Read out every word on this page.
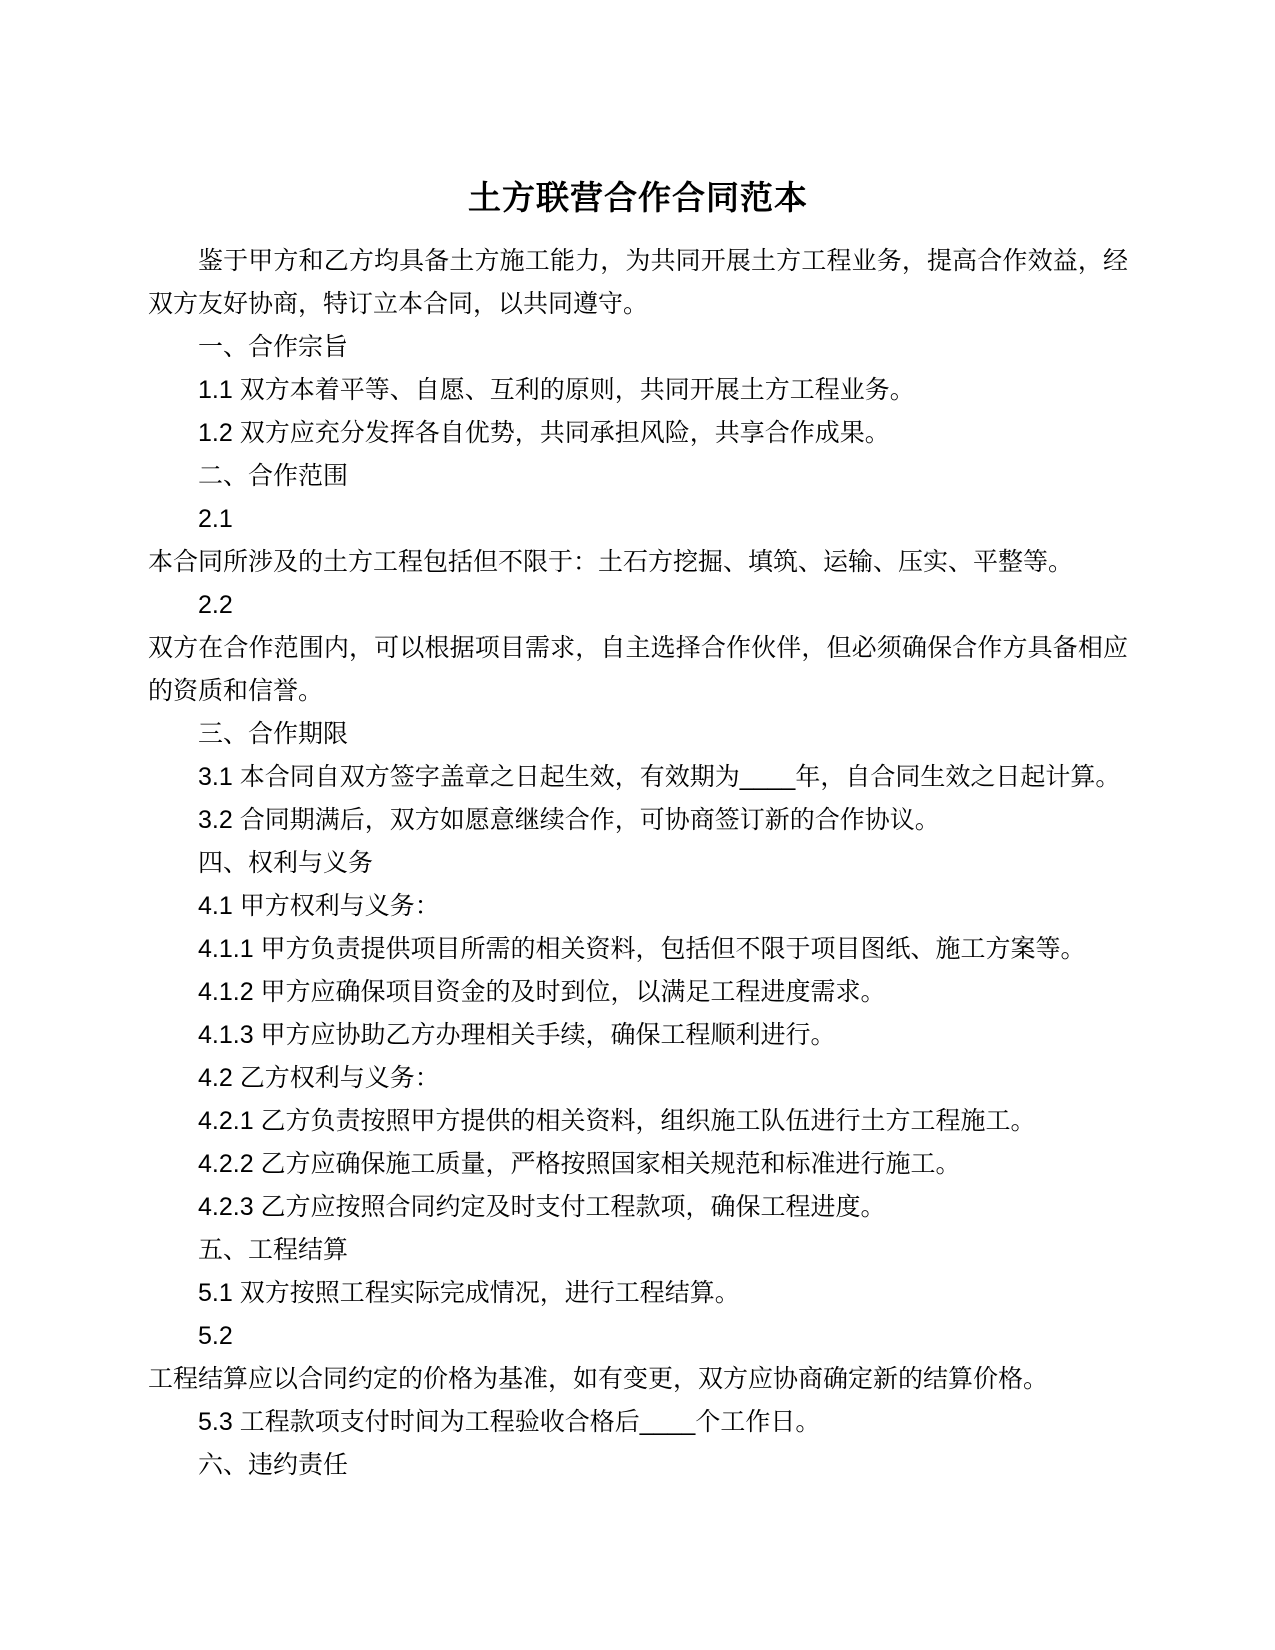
土方联营合作合同范本

鉴于甲方和乙方均具备土方施工能力，为共同开展土方工程业务，提高合作效益，经双方友好协商，特订立本合同，以共同遵守。

一、合作宗旨

1.1 双方本着平等、自愿、互利的原则，共同开展土方工程业务。

1.2 双方应充分发挥各自优势，共同承担风险，共享合作成果。

二、合作范围

2.1

本合同所涉及的土方工程包括但不限于：土石方挖掘、填筑、运输、压实、平整等。

2.2

双方在合作范围内，可以根据项目需求，自主选择合作伙伴，但必须确保合作方具备相应的资质和信誉。

三、合作期限

3.1 本合同自双方签字盖章之日起生效，有效期为____年，自合同生效之日起计算。

3.2 合同期满后，双方如愿意继续合作，可协商签订新的合作协议。

四、权利与义务

4.1 甲方权利与义务：

4.1.1 甲方负责提供项目所需的相关资料，包括但不限于项目图纸、施工方案等。

4.1.2 甲方应确保项目资金的及时到位，以满足工程进度需求。

4.1.3 甲方应协助乙方办理相关手续，确保工程顺利进行。

4.2 乙方权利与义务：

4.2.1 乙方负责按照甲方提供的相关资料，组织施工队伍进行土方工程施工。

4.2.2 乙方应确保施工质量，严格按照国家相关规范和标准进行施工。

4.2.3 乙方应按照合同约定及时支付工程款项，确保工程进度。

五、工程结算

5.1 双方按照工程实际完成情况，进行工程结算。

5.2

工程结算应以合同约定的价格为基准，如有变更，双方应协商确定新的结算价格。

5.3 工程款项支付时间为工程验收合格后____个工作日。

六、违约责任
